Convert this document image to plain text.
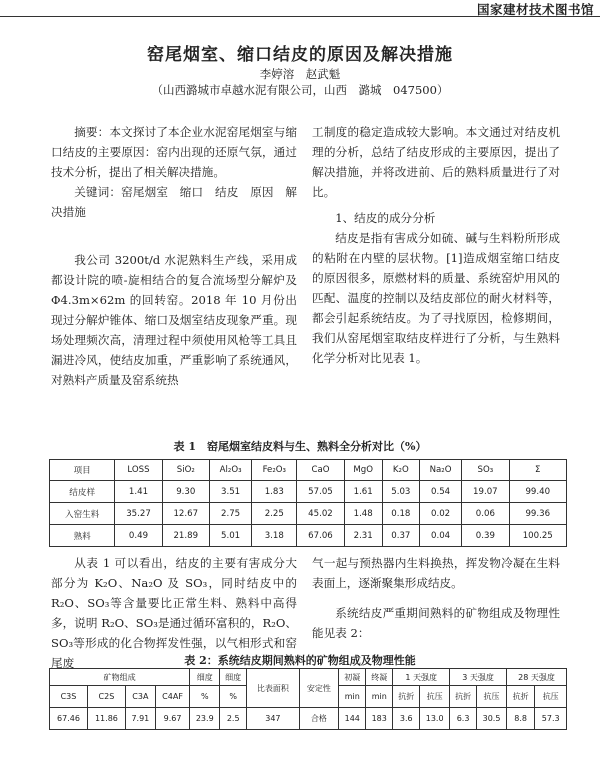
国家建材技术图书馆
窑尾烟室、缩口结皮的原因及解决措施
李婷溶　赵武魁
（山西潞城市卓越水泥有限公司，山西　潞城　047500）

摘要：本文探讨了本企业水泥窑尾烟室与缩口结皮的主要原因：窑内出现的还原气氛，通过技术分析，提出了相关解决措施。

关键词：窑尾烟室　缩口　结皮　原因　解决措施

我公司 3200t/d 水泥熟料生产线，采用成都设计院的喷-旋相结合的复合流场型分解炉及Φ4.3m×62m 的回转窑。2018 年 10 月份出现过分解炉锥体、缩口及烟室结皮现象严重。现场处理频次高，清理过程中须使用风枪等工具且漏进冷风，使结皮加重，严重影响了系统通风，对熟料产质量及窑系统热

工制度的稳定造成较大影响。本文通过对结皮机理的分析，总结了结皮形成的主要原因，提出了解决措施，并将改进前、后的熟料质量进行了对比。

1、结皮的成分分析

结皮是指有害成分如硫、碱与生料粉所形成的粘附在内壁的层状物。[1]造成烟室缩口结皮的原因很多，原燃材料的质量、系统窑炉用风的匹配、温度的控制以及结皮部位的耐火材料等，都会引起系统结皮。为了寻找原因，检修期间，我们从窑尾烟室取结皮样进行了分析，与生熟料化学分析对比见表 1。

表 1　窑尾烟室结皮料与生、熟料全分析对比（%）
项目	LOSS	SiO₂	Al₂O₃	Fe₂O₃	CaO	MgO	K₂O	Na₂O	SO₃	Σ
结皮样	1.41	9.30	3.51	1.83	57.05	1.61	5.03	0.54	19.07	99.40
入窑生料	35.27	12.67	2.75	2.25	45.02	1.48	0.18	0.02	0.06	99.36
熟料	0.49	21.89	5.01	3.18	67.06	2.31	0.37	0.04	0.39	100.25

从表 1 可以看出，结皮的主要有害成分大部分为 K₂O、Na₂O 及 SO₃，同时结皮中的 R₂O、SO₃等含量要比正常生料、熟料中高得多，说明 R₂O、SO₃是通过循环富积的，R₂O、SO₃等形成的化合物挥发性强，以气相形式和窑尾废

气一起与预热器内生料换热，挥发物冷凝在生料表面上，逐渐聚集形成结皮。

系统结皮严重期间熟料的矿物组成及物理性能见表 2：

表 2：系统结皮期间熟料的矿物组成及物理性能
矿物组成				细度	细度	比表面积	安定性	初凝	终凝	1 天强度		3 天强度		28 天强度	
C3S	C2S	C3A	C4AF	%	%			min	min	抗折	抗压	抗折	抗压	抗折	抗压
67.46	11.86	7.91	9.67	23.9	2.5	347	合格	144	183	3.6	13.0	6.3	30.5	8.8	57.3
